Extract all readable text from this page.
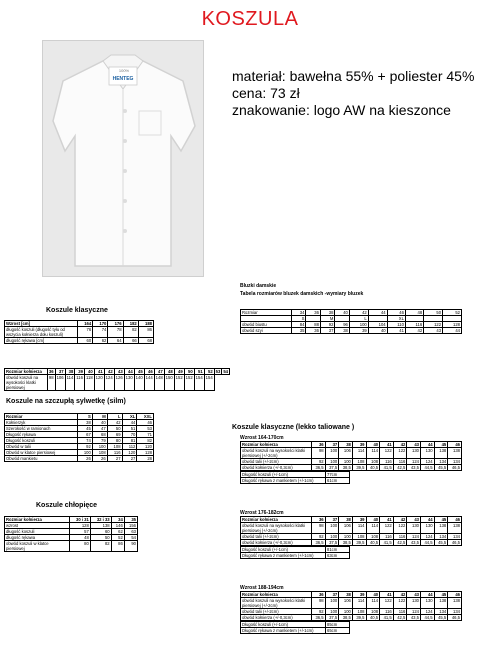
KOSZULA
100%
HENTEG	materiał: bawełna 55% + poliester 45%
cena: 73 zł
znakowanie: logo AW na kieszonce
Bluzki damskie
Tabela rozmiarów bluzek damskich -wymiary bluzek
Rozmiar	34	36	38	40	42	44	46	48	50	52
	S		M		L		XL			
obwód biustu	84	88	92	96	100	104	110	116	122	128
obwód szyi	35	36	37	38	39	40	41	42	43	44
Koszule klasyczne
Wzrost [cm]	164	170	176	182	188
długość koszuli (długość tyłu od wszycia kołnierza dołu koszuli)	76	74	78	82	86
długość rękawa [cm]	60	62	64	66	68
Rozmiar kołnierza	36	37	38	39	40	41	42	43	44	45	46	47	48	49	50	51	52	53	54
obwód koszuli na wysokości klatki piersiowej	98	106	114	116	118	120	124	126	130	140	144	148	150	152	152	154	154		
Koszule na szczupłą sylwetkę (silm)
Rozmiar	S	M	L	XL	XXL
Kołnierzyk	38	40	42	44	46
Szerokość w ramionach	45	47	50	51	53
Długość rękawa	67	68	69	70	71
Długość koszuli	74	79	80	81	82
Obwód w talii	92	100	108	112	120
Obwód w klatce piersiowej	100	108	116	120	128
Obwód mankietu	26	26	27	27	28
Koszule chłopięce
Rozmiar kołnierza	30 i 31	32 i 33	34	35
wzrost	128	138	146	156
długość koszuli	57	60	62	63
długość rękawa	48	50	52	54
obwód koszuli w klatce piersiowej	80	82	86	90
Koszule klasyczne (lekko taliowane )
Wzrost 164-170cm
Rozmiar kołnierza	36	37	38	39	40	41	42	43	44	45	46
obwód koszuli na wysokości klatki piersiowej (+/-2cm)	98	100	106	114	114	122	122	130	130	138	138
obwód talii (+/-2cm)	92	100	100	108	108	116	116	124	124	134	134
obwód kołnierza (+/-0,3cm)	36,5	37,5	38,5	39,5	40,5	41,5	42,5	43,5	44,5	45,5	46,5
Długość koszuli (+/-1cm)	77cm
Długość rękawa z mankietem (+/-1cm)	61cm
Wzrost 176-182cm
Rozmiar kołnierza	36	37	38	39	40	41	42	43	44	45	46
obwód koszuli na wysokości klatki piersiowej (+/-2cm)	98	100	106	114	114	122	122	130	130	138	138
obwód talii (+/-2cm)	92	100	100	108	108	116	116	124	124	134	134
obwód kołnierza (+/-0,3cm)	36,5	37,5	38,5	39,5	40,5	41,5	42,5	43,5	44,5	45,5	46,5
Długość koszuli (+/-1cm)	81cm
Długość rękawa z mankietem (+/-1cm)	63cm
Wzrost 188-194cm
Rozmiar kołnierza	36	37	38	39	40	41	42	43	44	45	46
obwód koszuli na wysokości klatki piersiowej (+/-2cm)	98	100	106	114	114	122	122	130	130	138	138
obwód talii (+/-2cm)	92	100	100	108	108	116	116	124	124	134	134
obwód kołnierza (+/-0,3cm)	36,5	37,5	38,5	39,5	40,5	41,5	42,5	43,5	44,5	45,5	46,5
Długość koszuli (+/-1cm)	85cm
Długość rękawa z mankietem (+/-1cm)	65cm
